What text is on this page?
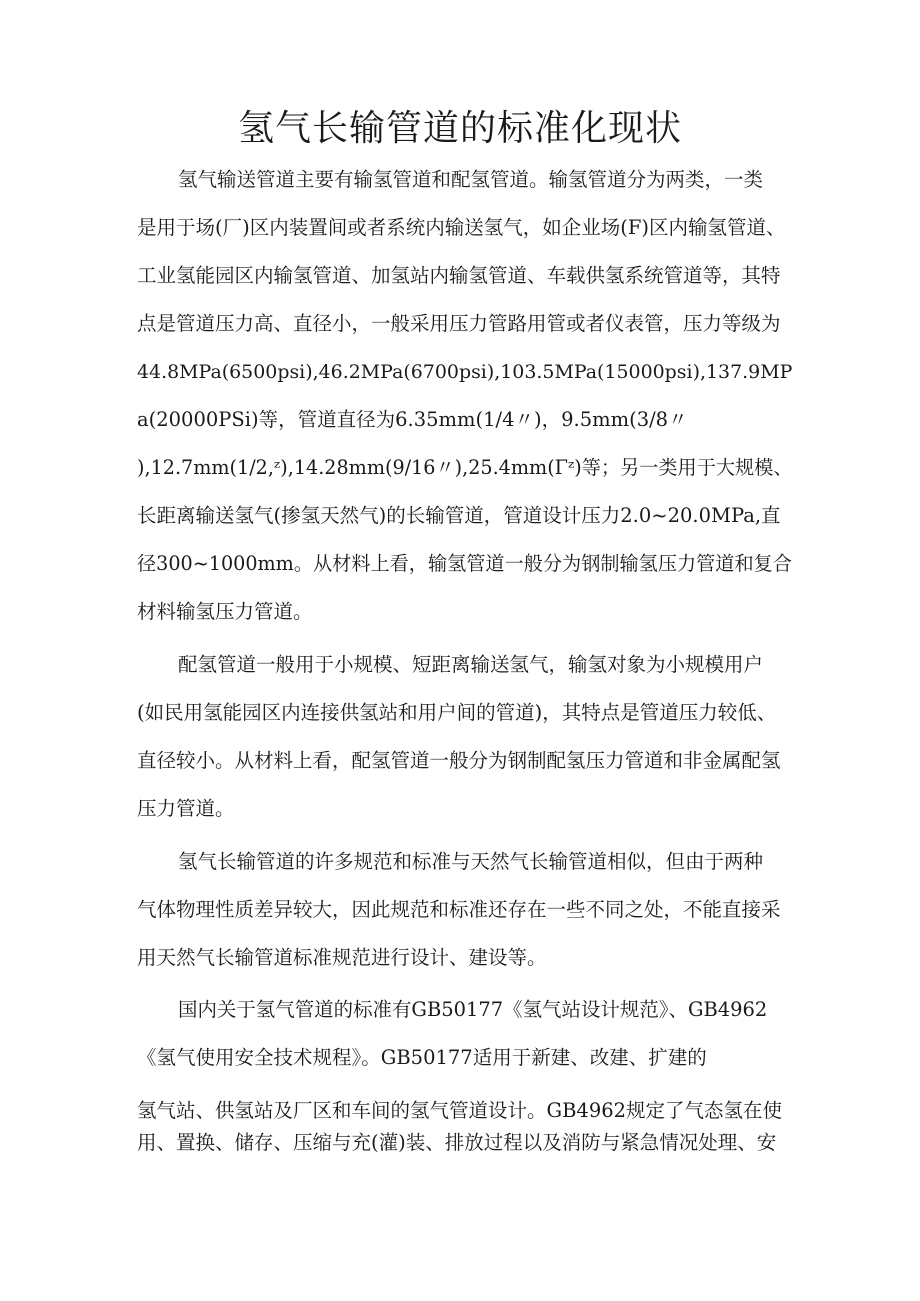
氢气长输管道的标准化现状
氢气输送管道主要有输氢管道和配氢管道。输氢管道分为两类，一类
是用于场(厂)区内装置间或者系统内输送氢气，如企业场(F)区内输氢管道、
工业氢能园区内输氢管道、加氢站内输氢管道、车载供氢系统管道等，其特
点是管道压力高、直径小，一般采用压力管路用管或者仪表管，压力等级为
44.8MPa(6500psi),46.2MPa(6700psi),103.5MPa(15000psi),137.9MP
a(20000PSi)等，管道直径为6.35mm(1/4〃)，9.5mm(3/8〃
),12.7mm(1/2,ᶻ),14.28mm(9/16〃),25.4mm(Γᶻ)等；另一类用于大规模、
长距离输送氢气(掺氢天然气)的长输管道，管道设计压力2.0~20.0MPa,直
径300~1000mm。从材料上看，输氢管道一般分为钢制输氢压力管道和复合
材料输氢压力管道。
配氢管道一般用于小规模、短距离输送氢气，输氢对象为小规模用户
(如民用氢能园区内连接供氢站和用户间的管道)，其特点是管道压力较低、
直径较小。从材料上看，配氢管道一般分为钢制配氢压力管道和非金属配氢
压力管道。
氢气长输管道的许多规范和标准与天然气长输管道相似，但由于两种
气体物理性质差异较大，因此规范和标准还存在一些不同之处，不能直接采
用天然气长输管道标准规范进行设计、建设等。
国内关于氢气管道的标准有GB50177《氢气站设计规范》、GB4962
《氢气使用安全技术规程》。GB50177适用于新建、改建、扩建的
氢气站、供氢站及厂区和车间的氢气管道设计。GB4962规定了气态氢在使
用、置换、储存、压缩与充(灌)装、排放过程以及消防与紧急情况处理、安
